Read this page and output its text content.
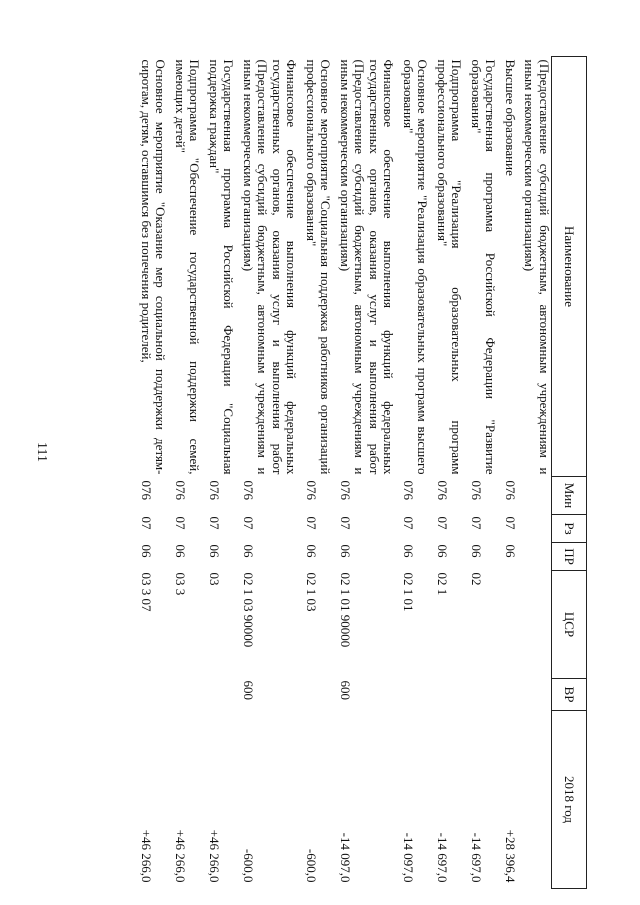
111
Наименование	Мин	Рз	ПР	ЦСР	ВР	2018 год
(Предоставление субсидий бюджетным, автономным учреждениям и иным некоммерческим организациям)						
Высшее образование	076	07	06			+28 396,4
Государственная программа Российской Федерации "Развитие образования"	076	07	06	02		-14 697,0
Подпрограмма "Реализация образовательных программ профессионального образования"	076	07	06	02 1		-14 697,0
Основное мероприятие "Реализация образовательных программ высшего образования"	076	07	06	02 1 01		-14 097,0
Финансовое обеспечение выполнения функций федеральных государственных органов, оказания услуг и выполнения работ (Предоставление субсидий бюджетным, автономным учреждениям и иным некоммерческим организациям)	076	07	06	02 1 01 90000	600	-14 097,0
Основное мероприятие "Социальная поддержка работников организаций профессионального образования"	076	07	06	02 1 03		-600,0
Финансовое обеспечение выполнения функций федеральных государственных органов, оказания услуг и выполнения работ (Предоставление субсидий бюджетным, автономным учреждениям и иным некоммерческим организациям)	076	07	06	02 1 03 90000	600	-600,0
Государственная программа Российской Федерации "Социальная поддержка граждан"	076	07	06	03		+46 266,0
Подпрограмма "Обеспечение государственной поддержки семей, имеющих детей"	076	07	06	03 3		+46 266,0
Основное мероприятие "Оказание мер социальной поддержки детям-сиротам, детям, оставшимся без попечения родителей,	076	07	06	03 3 07		+46 266,0
